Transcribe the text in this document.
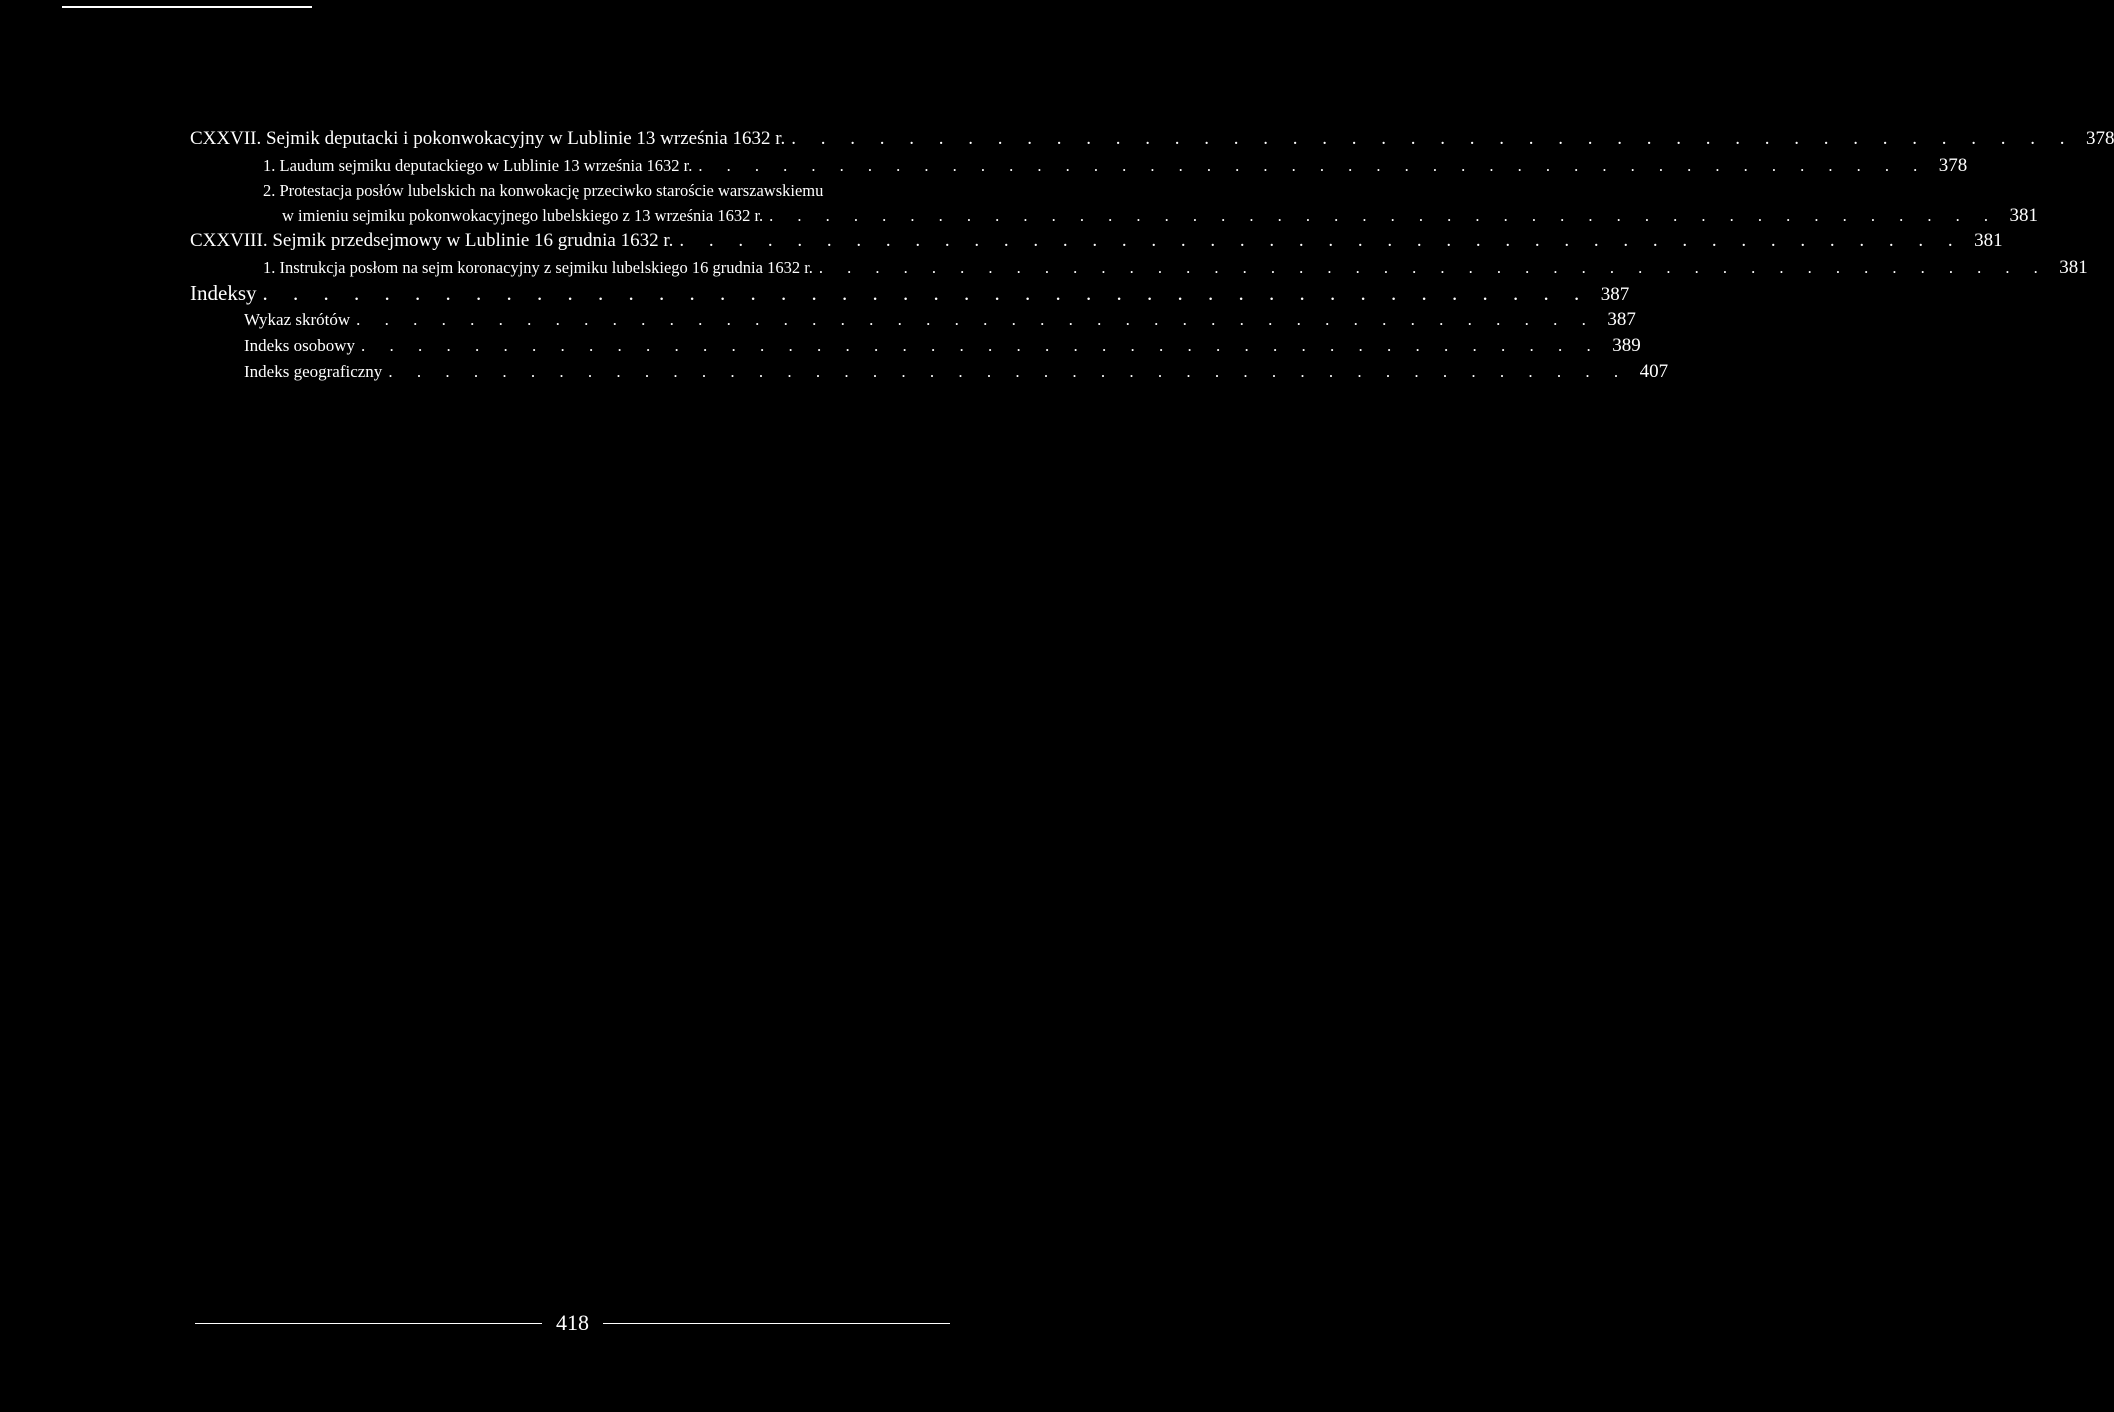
CXXVII. Sejmik deputacki i pokonwokacyjny w Lublinie 13 września 1632 r. . . . . . . . . . . . . . . . . . . . . . . . . . . . . . . . . . . . . . . . . . . . . 378
1. Laudum sejmiku deputackiego w Lublinie 13 września 1632 r. . . . . . . . . . . . . . . . . . . . . . . . . . . . . . . . . . . . . . . . . . . . . 378
2. Protestacja posłów lubelskich na konwokację przeciwko staroście warszawskiemu
w imieniu sejmiku pokonwokacyjnego lubelskiego z 13 września 1632 r. . . . . . . . . . . . . . . . . . . . . . . . . . . . . . . . . . . . . . . . . . . . . 381
CXXVIII. Sejmik przedsejmowy w Lublinie 16 grudnia 1632 r. . . . . . . . . . . . . . . . . . . . . . . . . . . . . . . . . . . . . . . . . . . . . 381
1. Instrukcja posłom na sejm koronacyjny z sejmiku lubelskiego 16 grudnia 1632 r. . . . . . . . . . . . . . . . . . . . . . . . . . . . . . . . . . . . . . . . . . . . . 381
Indeksy . . . . . . . . . . . . . . . . . . . . . . . . . . . . . . . . . . . . . . . . . . . . 387
Wykaz skrótów . . . . . . . . . . . . . . . . . . . . . . . . . . . . . . . . . . . . . . . . . . . . 387
Indeks osobowy . . . . . . . . . . . . . . . . . . . . . . . . . . . . . . . . . . . . . . . . . . . . 389
Indeks geograficzny . . . . . . . . . . . . . . . . . . . . . . . . . . . . . . . . . . . . . . . . . . . . 407
418
